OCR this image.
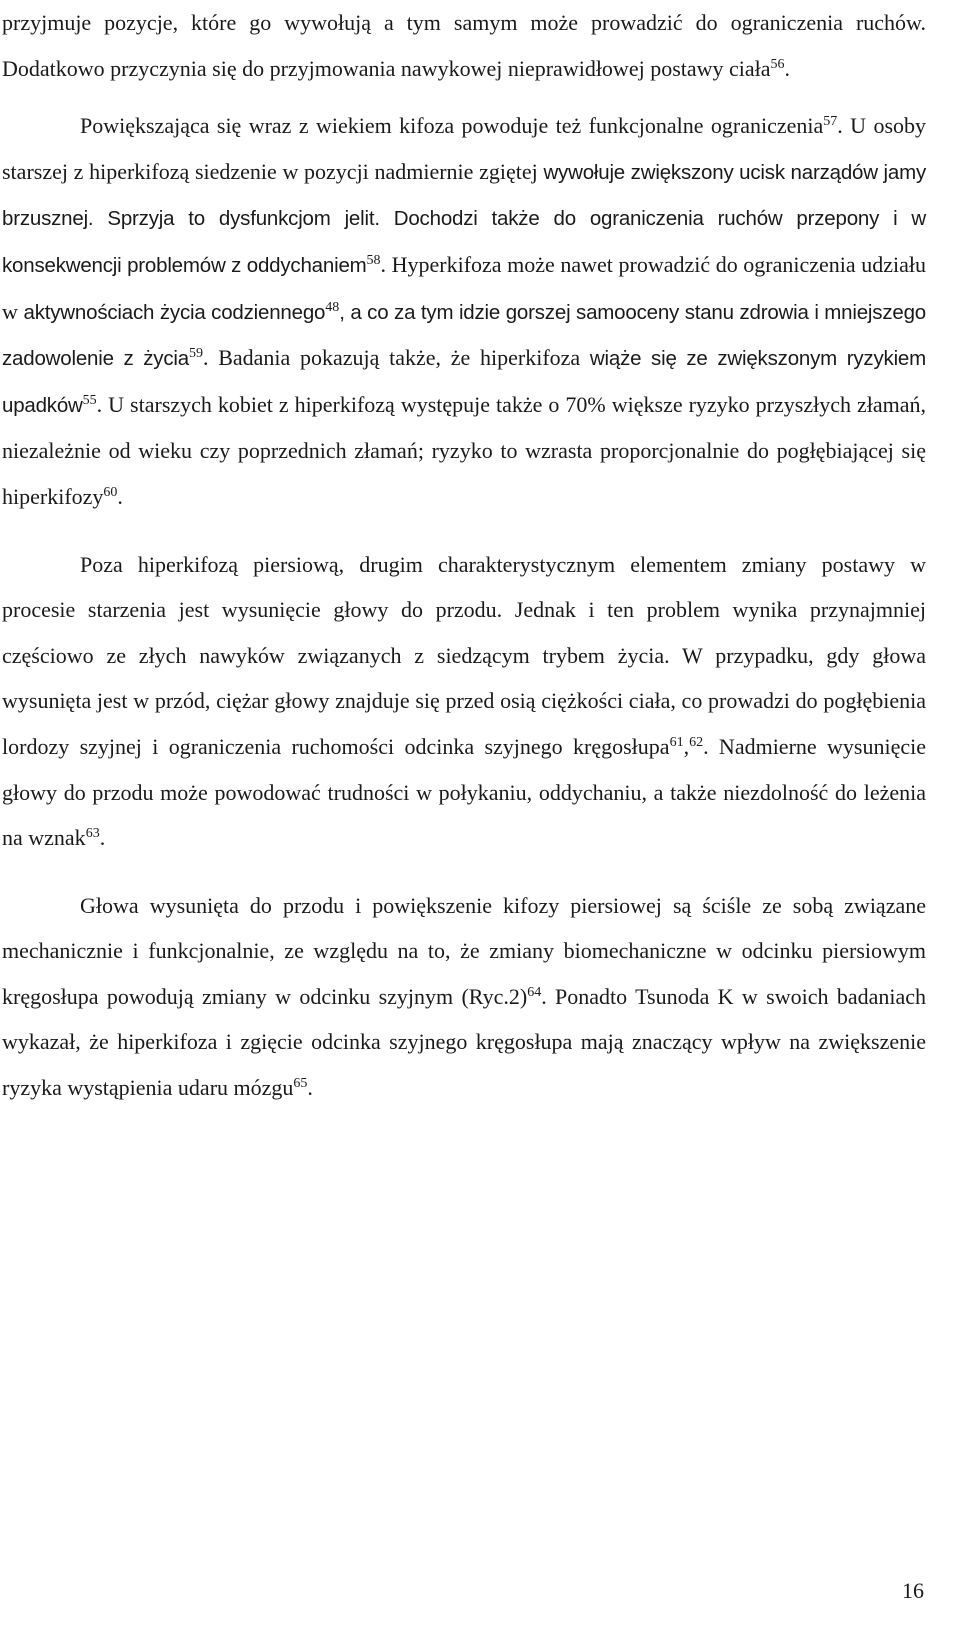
przyjmuje pozycje, które go wywołują a tym samym może prowadzić do ograniczenia ruchów. Dodatkowo przyczynia się do przyjmowania nawykowej nieprawidłowej postawy ciała$^{56}$.

Powiększająca się wraz z wiekiem kifoza powoduje też funkcjonalne ograniczenia$^{57}$. U osoby starszej z hiperkifozą siedzenie w pozycji nadmiernie zgiętej wywołuje zwiększony ucisk narządów jamy brzusznej. Sprzyja to dysfunkcjom jelit. Dochodzi także do ograniczenia ruchów przepony i w konsekwencji problemów z oddychaniem$^{58}$. Hyperkifoza może nawet prowadzić do ograniczenia udziału w aktywnościach życia codziennego$^{48}$, a co za tym idzie gorszej samooceny stanu zdrowia i mniejszego zadowolenie z życia$^{59}$. Badania pokazują także, że hiperkifoza wiąże się ze zwiększonym ryzykiem upadków$^{55}$. U starszych kobiet z hiperkifozą występuje także o 70% większe ryzyko przyszłych złamań, niezależnie od wieku czy poprzednich złamań; ryzyko to wzrasta proporcjonalnie do pogłębiającej się hiperkifozy$^{60}$.

Poza hiperkifozą piersiową, drugim charakterystycznym elementem zmiany postawy w procesie starzenia jest wysunięcie głowy do przodu. Jednak i ten problem wynika przynajmniej częściowo ze złych nawyków związanych z siedzącym trybem życia. W przypadku, gdy głowa wysunięta jest w przód, ciężar głowy znajduje się przed osią ciężkości ciała, co prowadzi do pogłębienia lordozy szyjnej i ograniczenia ruchomości odcinka szyjnego kręgosłupa$^{61}$,$^{62}$. Nadmierne wysunięcie głowy do przodu może powodować trudności w połykaniu, oddychaniu, a także niezdolność do leżenia na wznak$^{63}$.

Głowa wysunięta do przodu i powiększenie kifozy piersiowej są ściśle ze sobą związane mechanicznie i funkcjonalnie, ze względu na to, że zmiany biomechaniczne w odcinku piersiowym kręgosłupa powodują zmiany w odcinku szyjnym $(Ryc.2)^{64}$. Ponadto Tsunoda K w swoich badaniach wykazał, że hiperkifoza i zgięcie odcinka szyjnego kręgosłupa mają znaczący wpływ na zwiększenie ryzyka wystąpienia udaru mózgu$^{65}$.

16
